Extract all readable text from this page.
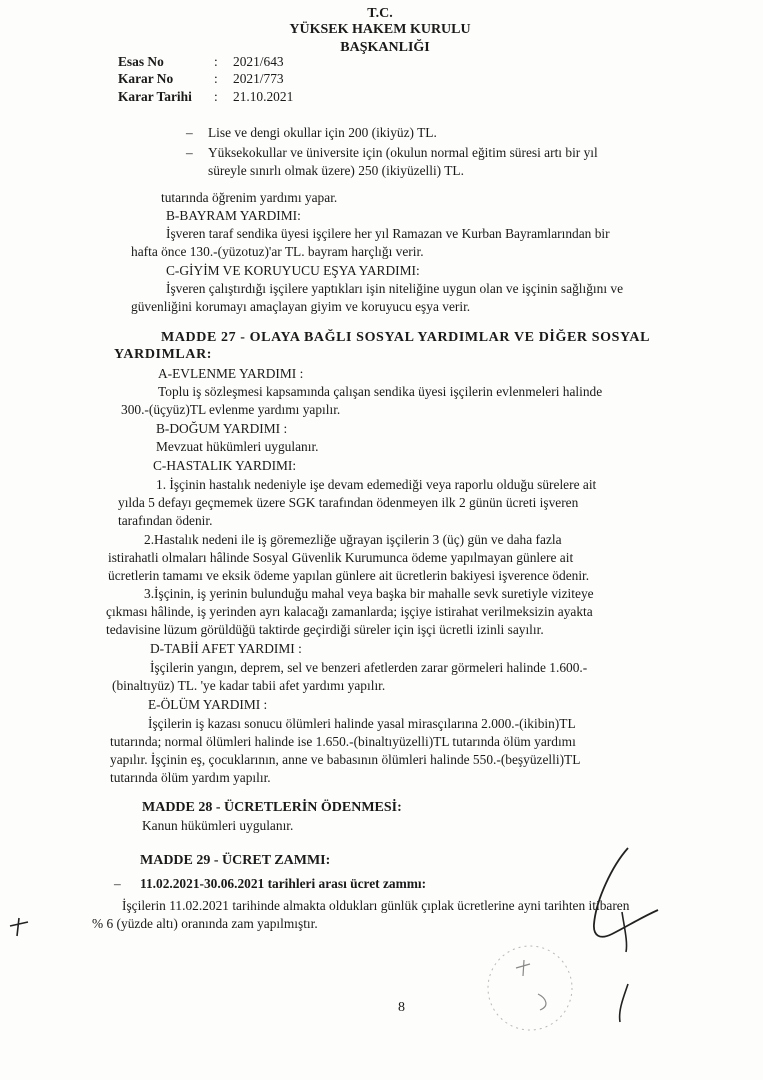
T.C.
YÜKSEK HAKEM KURULU
BAŞKANLIĞI
Esas No	: 2021/643
Karar No	: 2021/773
Karar Tarihi : 21.10.2021
– Lise ve dengi okullar için 200 (ikiyüz) TL.
– Yüksekokullar ve üniversite için (okulun normal eğitim süresi artı bir yıl
süreyle sınırlı olmak üzere) 250 (ikiyüzelli) TL.
tutarında öğrenim yardımı yapar.
B-BAYRAM YARDIMI:
İşveren taraf sendika üyesi işçilere her yıl Ramazan ve Kurban Bayramlarından bir
hafta önce 130.-(yüzotuz)'ar TL. bayram harçlığı verir.
C-GİYİM VE KORUYUCU EŞYA YARDIMI:
İşveren çalıştırdığı işçilere yaptıkları işin niteliğine uygun olan ve işçinin sağlığını ve
güvenliğini korumayı amaçlayan giyim ve koruyucu eşya verir.
MADDE 27 - OLAYA BAĞLI SOSYAL YARDIMLAR VE DİĞER SOSYAL
YARDIMLAR:
A-EVLENME YARDIMI :
Toplu iş sözleşmesi kapsamında çalışan sendika üyesi işçilerin evlenmeleri halinde
300.-(üçyüz)TL evlenme yardımı yapılır.
B-DOĞUM YARDIMI :
Mevzuat hükümleri uygulanır.
C-HASTALIK YARDIMI:
1. İşçinin hastalık nedeniyle işe devam edemediği veya raporlu olduğu sürelere ait
yılda 5 defayı geçmemek üzere SGK tarafından ödenmeyen ilk 2 günün ücreti işveren
tarafından ödenir.
2.Hastalık nedeni ile iş göremezliğe uğrayan işçilerin 3 (üç) gün ve daha fazla
istirahatli olmaları hâlinde Sosyal Güvenlik Kurumunca ödeme yapılmayan günlere ait
ücretlerin tamamı ve eksik ödeme yapılan günlere ait ücretlerin bakiyesi işverence ödenir.
3.İşçinin, iş yerinin bulunduğu mahal veya başka bir mahalle sevk suretiyle viziteye
çıkması hâlinde, iş yerinden ayrı kalacağı zamanlarda; işçiye istirahat verilmeksizin ayakta
tedavisine lüzum görüldüğü taktirde geçirdiği süreler için işçi ücretli izinli sayılır.
D-TABİİ AFET YARDIMI :
İşçilerin yangın, deprem, sel ve benzeri afetlerden zarar görmeleri halinde 1.600.-
(binaltıyüz) TL. 'ye kadar tabii afet yardımı yapılır.
E-ÖLÜM YARDIMI :
İşçilerin iş kazası sonucu ölümleri halinde yasal mirasçılarına 2.000.-(ikibin)TL
tutarında; normal ölümleri halinde ise 1.650.-(binaltıyüzelli)TL tutarında ölüm yardımı
yapılır. İşçinin eş, çocuklarının, anne ve babasının ölümleri halinde 550.-(beşyüzelli)TL
tutarında ölüm yardım yapılır.
MADDE 28 - ÜCRETLERİN ÖDENMESİ:
Kanun hükümleri uygulanır.
MADDE 29 - ÜCRET ZAMMI:
– 11.02.2021-30.06.2021 tarihleri arası ücret zammı:
İşçilerin 11.02.2021 tarihinde almakta oldukları günlük çıplak ücretlerine ayni tarihten itibaren
% 6 (yüzde altı) oranında zam yapılmıştır.
8
